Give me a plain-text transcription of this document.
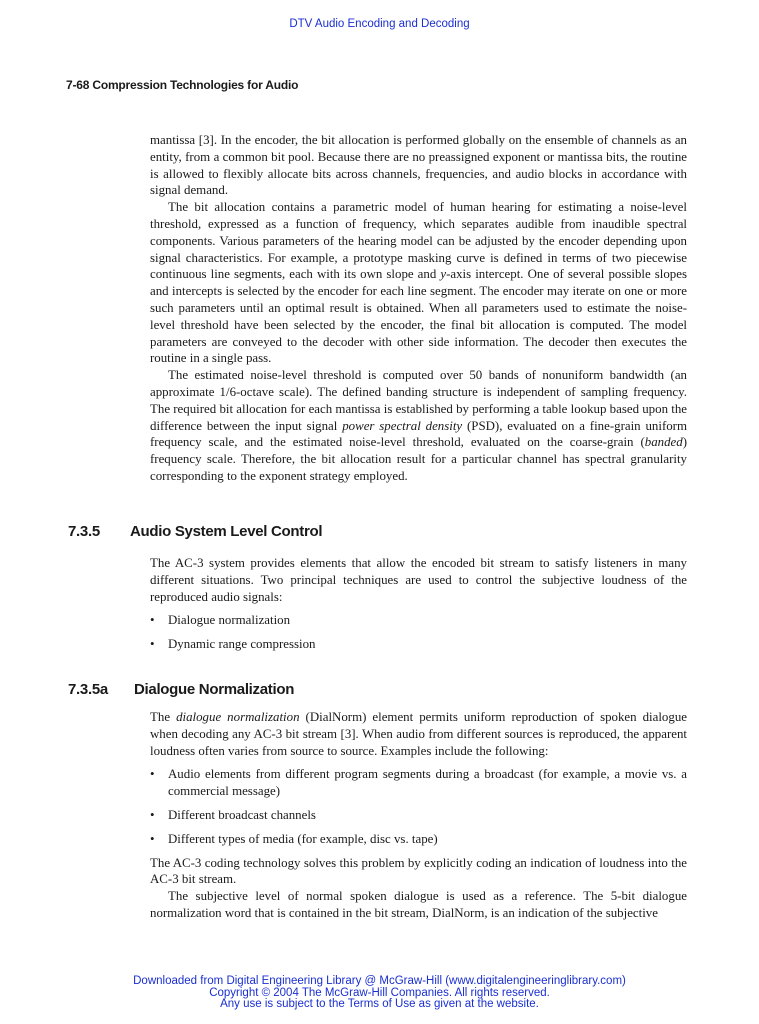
DTV Audio Encoding and Decoding
7-68 Compression Technologies for Audio

mantissa [3]. In the encoder, the bit allocation is performed globally on the ensemble of channels as an entity, from a common bit pool. Because there are no preassigned exponent or mantissa bits, the routine is allowed to flexibly allocate bits across channels, frequencies, and audio blocks in accordance with signal demand.

The bit allocation contains a parametric model of human hearing for estimating a noise-level threshold, expressed as a function of frequency, which separates audible from inaudible spectral components. Various parameters of the hearing model can be adjusted by the encoder depending upon signal characteristics. For example, a prototype masking curve is defined in terms of two piecewise continuous line segments, each with its own slope and y-axis intercept. One of several possible slopes and intercepts is selected by the encoder for each line segment. The encoder may iterate on one or more such parameters until an optimal result is obtained. When all parameters used to estimate the noise-level threshold have been selected by the encoder, the final bit allocation is computed. The model parameters are conveyed to the decoder with other side information. The decoder then executes the routine in a single pass.

The estimated noise-level threshold is computed over 50 bands of nonuniform bandwidth (an approximate 1/6-octave scale). The defined banding structure is independent of sampling frequency. The required bit allocation for each mantissa is established by performing a table lookup based upon the difference between the input signal power spectral density (PSD), evaluated on a fine-grain uniform frequency scale, and the estimated noise-level threshold, evaluated on the coarse-grain (banded) frequency scale. Therefore, the bit allocation result for a particular channel has spectral granularity corresponding to the exponent strategy employed.

7.3.5 Audio System Level Control

The AC-3 system provides elements that allow the encoded bit stream to satisfy listeners in many different situations. Two principal techniques are used to control the subjective loudness of the reproduced audio signals:

• Dialogue normalization
• Dynamic range compression
7.3.5a Dialogue Normalization

The dialogue normalization (DialNorm) element permits uniform reproduction of spoken dialogue when decoding any AC-3 bit stream [3]. When audio from different sources is reproduced, the apparent loudness often varies from source to source. Examples include the following:

• Audio elements from different program segments during a broadcast (for example, a movie vs. a commercial message)
• Different broadcast channels
• Different types of media (for example, disc vs. tape)

The AC-3 coding technology solves this problem by explicitly coding an indication of loudness into the AC-3 bit stream.

The subjective level of normal spoken dialogue is used as a reference. The 5-bit dialogue normalization word that is contained in the bit stream, DialNorm, is an indication of the subjective

Downloaded from Digital Engineering Library @ McGraw-Hill (www.digitalengineeringlibrary.com)
Copyright © 2004 The McGraw-Hill Companies. All rights reserved.
Any use is subject to the Terms of Use as given at the website.
